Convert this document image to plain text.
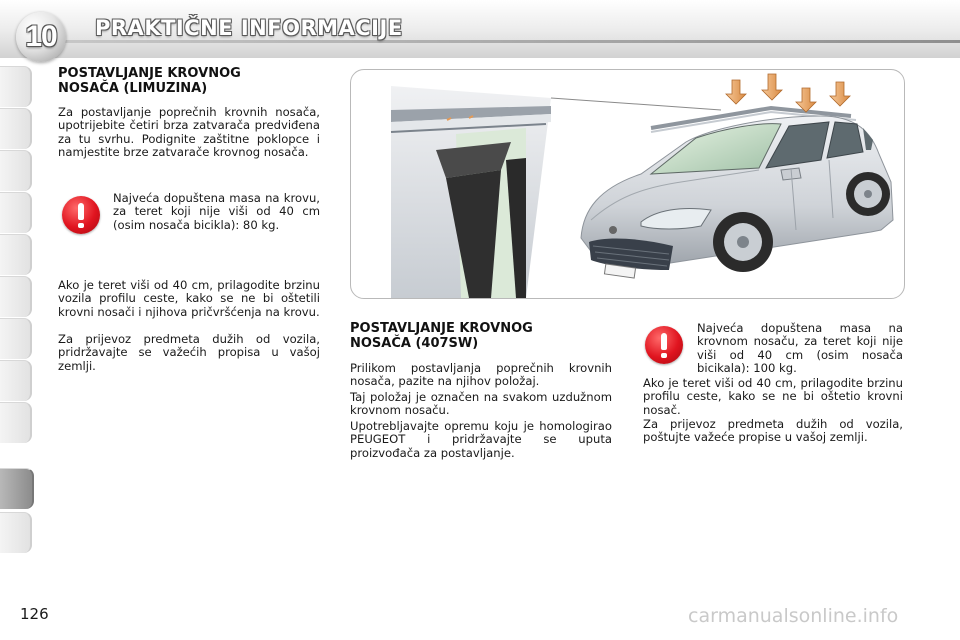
10	PRAKTIČNE INFORMACIJE
POSTAVLJANJE KROVNOG
NOSAČA (LIMUZINA)

Za postavljanje poprečnih krovnih nosača, upotrijebite četiri brza zatvarača predviđena za tu svrhu. Podignite zaštitne poklopce i namjestite brze zatvarače krovnog nosača.

Najveća dopuštena masa na krovu, za teret koji nije viši od 40 cm (osim nosača bicikla): 80 kg.

Ako je teret viši od 40 cm, prilagodite brzinu vozila profilu ceste, kako se ne bi oštetili krovni nosači i njihova pričvršćenja na krovu.

Za prijevoz predmeta dužih od vozila, pridržavajte se važećih propisa u vašoj zemlji.

POSTAVLJANJE KROVNOG
NOSAČA (407SW)

Prilikom postavljanja poprečnih krovnih nosača, pazite na njihov položaj.

Taj položaj je označen na svakom uzdužnom krovnom nosaču.

Upotrebljavajte opremu koju je homologirao PEUGEOT i pridržavajte se uputa proizvođača za postavljanje.

Najveća dopuštena masa na krovnom nosaču, za teret koji nije viši od 40 cm (osim nosača bicikala): 100 kg.

Ako je teret viši od 40 cm, prilagodite brzinu profilu ceste, kako se ne bi oštetio krovni nosač.

Za prijevoz predmeta dužih od vozila, poštujte važeće propise u vašoj zemlji.

126	carmanualsonline.info
